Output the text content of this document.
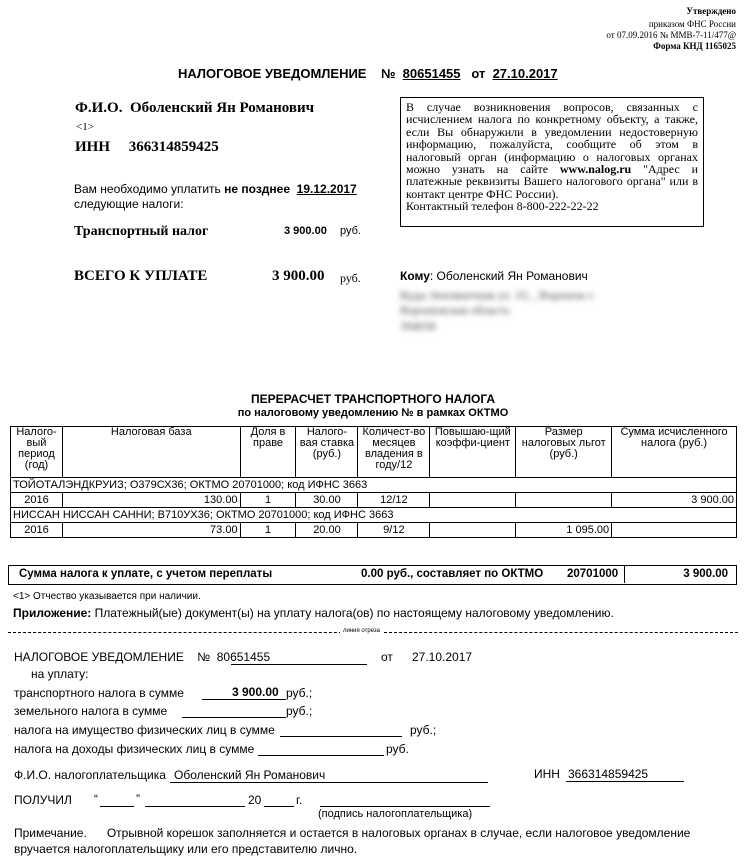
Утверждено
приказом ФНС России
от 07.09.2016 № ММВ-7-11/477@
Форма КНД 1165025
НАЛОГОВОЕ УВЕДОМЛЕНИЕ № 80651455 от 27.10.2017
Ф.И.О. Оболенский Ян Романович
<1>
ИНН 366314859425
В случае возникновения вопросов, связанных с исчислением налога по конкретному объекту, а также, если Вы обнаружили в уведомлении недостоверную информацию, пожалуйста, сообщите об этом в налоговый орган (информацию о налоговых органах можно узнать на сайте www.nalog.ru "Адрес и платежные реквизиты Вашего налогового органа" или в контакт центре ФНС России).
Контактный телефон 8-800-222-22-22
Вам необходимо уплатить не позднее 19.12.2017
следующие налоги:
Транспортный налог	3 900.00 руб.
ВСЕГО К УПЛАТЕ	3 900.00 руб.	Кому: Оболенский Ян Романович
Куды Землянечная ул. 33, , Воронеж г.
Воронежская область
394036
ПЕРЕРАСЧЕТ ТРАНСПОРТНОГО НАЛОГА
по налоговому уведомлению № в рамках ОКТМО
Налого-вый период (год)	Налоговая база	Доля в праве	Налого-вая ставка (руб.)	Количест-во месяцев владения в году/12	Повышаю-щий коэффи-циент	Размер налоговых льгот (руб.)	Сумма исчисленного налога (руб.)
ТОЙОТАЛЭНДКРУИЗ; О379СХ36; ОКТМО 20701000; код ИФНС 3663							
2016	130.00	1	30.00	12/12			3 900.00
НИССАН НИССАН САННИ; В710УХ36; ОКТМО 20701000; код ИФНС 3663							
2016	73.00	1	20.00	9/12		1 095.00	
Сумма налога к уплате, с учетом переплаты	0.00 руб., составляет по ОКТМО 20701000	3 900.00
<1> Отчество указывается при наличии.
Приложение: Платежный(ые) документ(ы) на уплату налога(ов) по настоящему налоговому уведомлению.
линия отреза
НАЛОГОВОЕ УВЕДОМЛЕНИЕ № 80651455	от 27.10.2017
на уплату:
транспортного налога в сумме	3 900.00 руб.;
земельного налога в сумме	руб.;
налога на имущество физических лиц в сумме	руб.;
налога на доходы физических лиц в сумме	руб.
Ф.И.О. налогоплательщика Оболенский Ян Романович	ИНН 366314859425
ПОЛУЧИЛ “	”	20	г.
(подпись налогоплательщика)
Примечание. Отрывной корешок заполняется и остается в налоговых органах в случае, если налоговое уведомление
вручается налогоплательщику или его представителю лично.
